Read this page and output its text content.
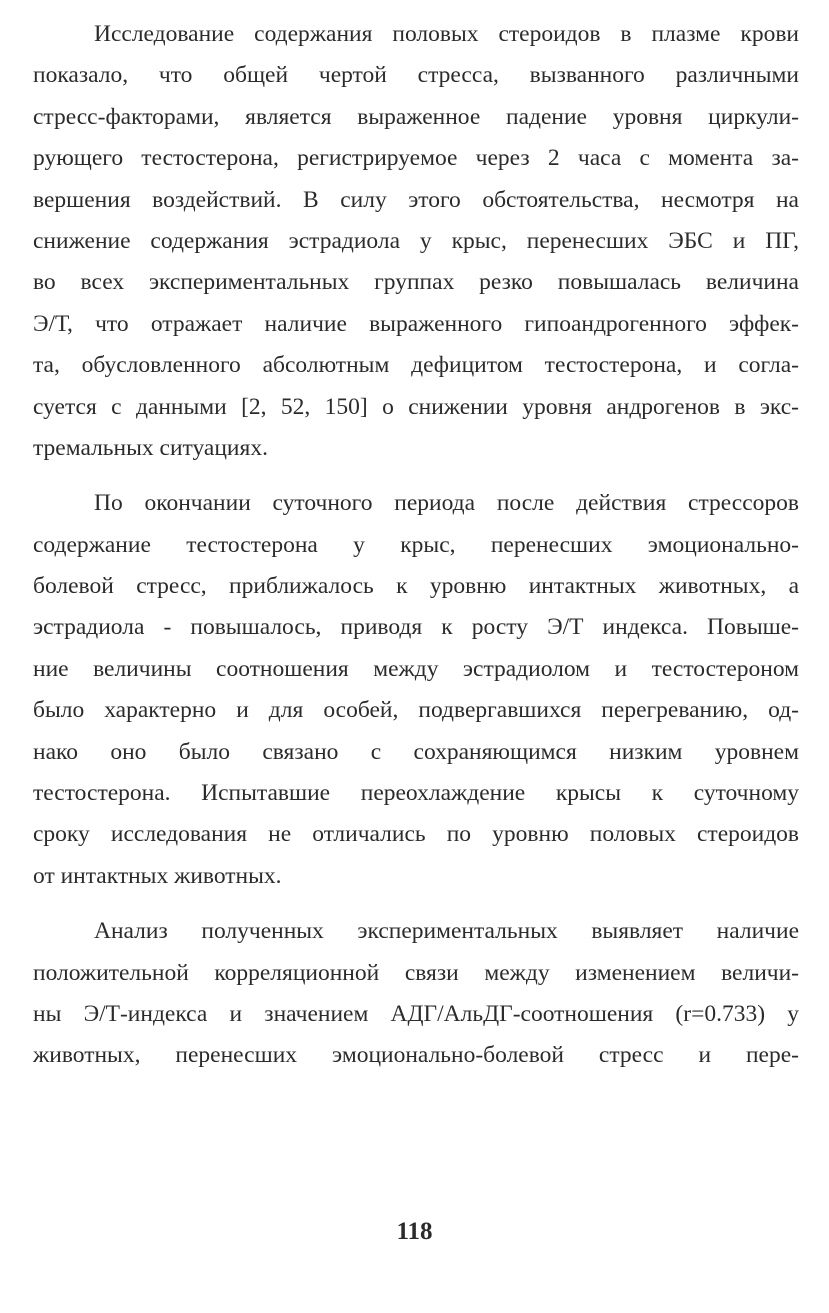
Исследование содержания половых стероидов в плазме крови
показало, что общей чертой стресса, вызванного различными
стресс-факторами, является выраженное падение уровня циркули-
рующего тестостерона, регистрируемое через 2 часа с момента за-
вершения воздействий. В силу этого обстоятельства, несмотря на
снижение содержания эстрадиола у крыс, перенесших ЭБС и ПГ,
во всех экспериментальных группах резко повышалась величина
Э/Т, что отражает наличие выраженного гипоандрогенного эффек-
та, обусловленного абсолютным дефицитом тестостерона, и согла-
суется с данными [2, 52, 150] о снижении уровня андрогенов в экс-
тремальных ситуациях.
По окончании суточного периода после действия стрессоров
содержание тестостерона у крыс, перенесших эмоционально-
болевой стресс, приближалось к уровню интактных животных, а
эстрадиола - повышалось, приводя к росту Э/Т индекса. Повыше-
ние величины соотношения между эстрадиолом и тестостероном
было характерно и для особей, подвергавшихся перегреванию, од-
нако оно было связано с сохраняющимся низким уровнем
тестостерона. Испытавшие переохлаждение крысы к суточному
сроку исследования не отличались по уровню половых стероидов
от интактных животных.
Анализ полученных экспериментальных выявляет наличие
положительной корреляционной связи между изменением величи-
ны Э/Т-индекса и значением АДГ/АльДГ-соотношения (r=0.733) у
животных, перенесших эмоционально-болевой стресс и пере-
118
